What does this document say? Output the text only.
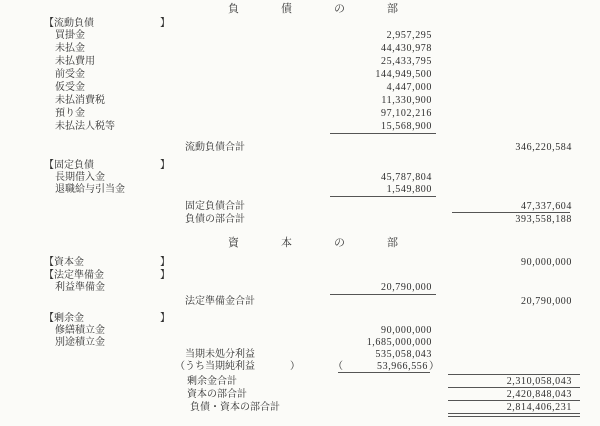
負債の部
【流動負債	】
買掛金	2,957,295
未払金	44,430,978
未払費用	25,433,795
前受金	144,949,500
仮受金	4,447,000
未払消費税	11,330,900
預り金	97,102,216
未払法人税等	15,568,900
流動負債合計	346,220,584
【固定負債	】
長期借入金	45,787,804
退職給与引当金	1,549,800
固定負債合計	47,337,604
負債の部合計	393,558,188
資本の部
【資本金	】	90,000,000
【法定準備金	】
利益準備金	20,790,000
法定準備金合計	20,790,000
【剰余金	】
修繕積立金	90,000,000
別途積立金	1,685,000,000
当期未処分利益	535,058,043
（うち当期純利益	）	（	53,966,556 ）
剰余金合計	2,310,058,043
資本の部合計	2,420,848,043
負債・資本の部合計	2,814,406,231
